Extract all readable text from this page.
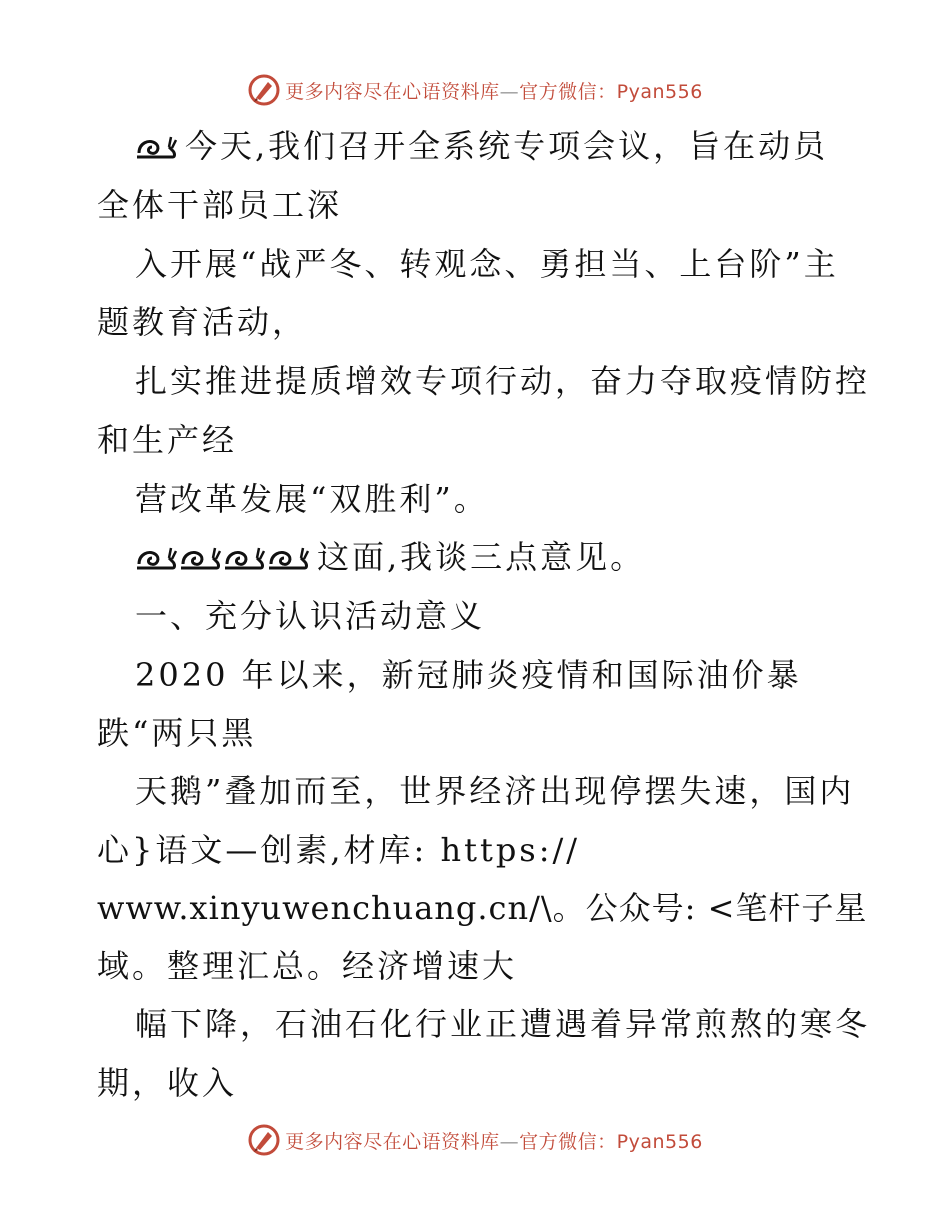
更多内容尽在心语资料库—官方微信：Pyan556
今天,我们召开全系统专项会议，旨在动员
全体干部员工深
入开展“战严冬、转观念、勇担当、上台阶”主
题教育活动，
扎实推进提质增效专项行动，奋力夺取疫情防控
和生产经
营改革发展“双胜利”。
这面,我谈三点意见。
一、充分认识活动意义
2020 年以来，新冠肺炎疫情和国际油价暴
跌“两只黑
天鹅”叠加而至，世界经济出现停摆失速，国内
心}语文—创素,材库: https://
www.xinyuwenchuang.cn/\。公众号: <笔杆子星
域。整理汇总。经济增速大
幅下降，石油石化行业正遭遇着异常煎熬的寒冬
期，收入
更多内容尽在心语资料库—官方微信：Pyan556
